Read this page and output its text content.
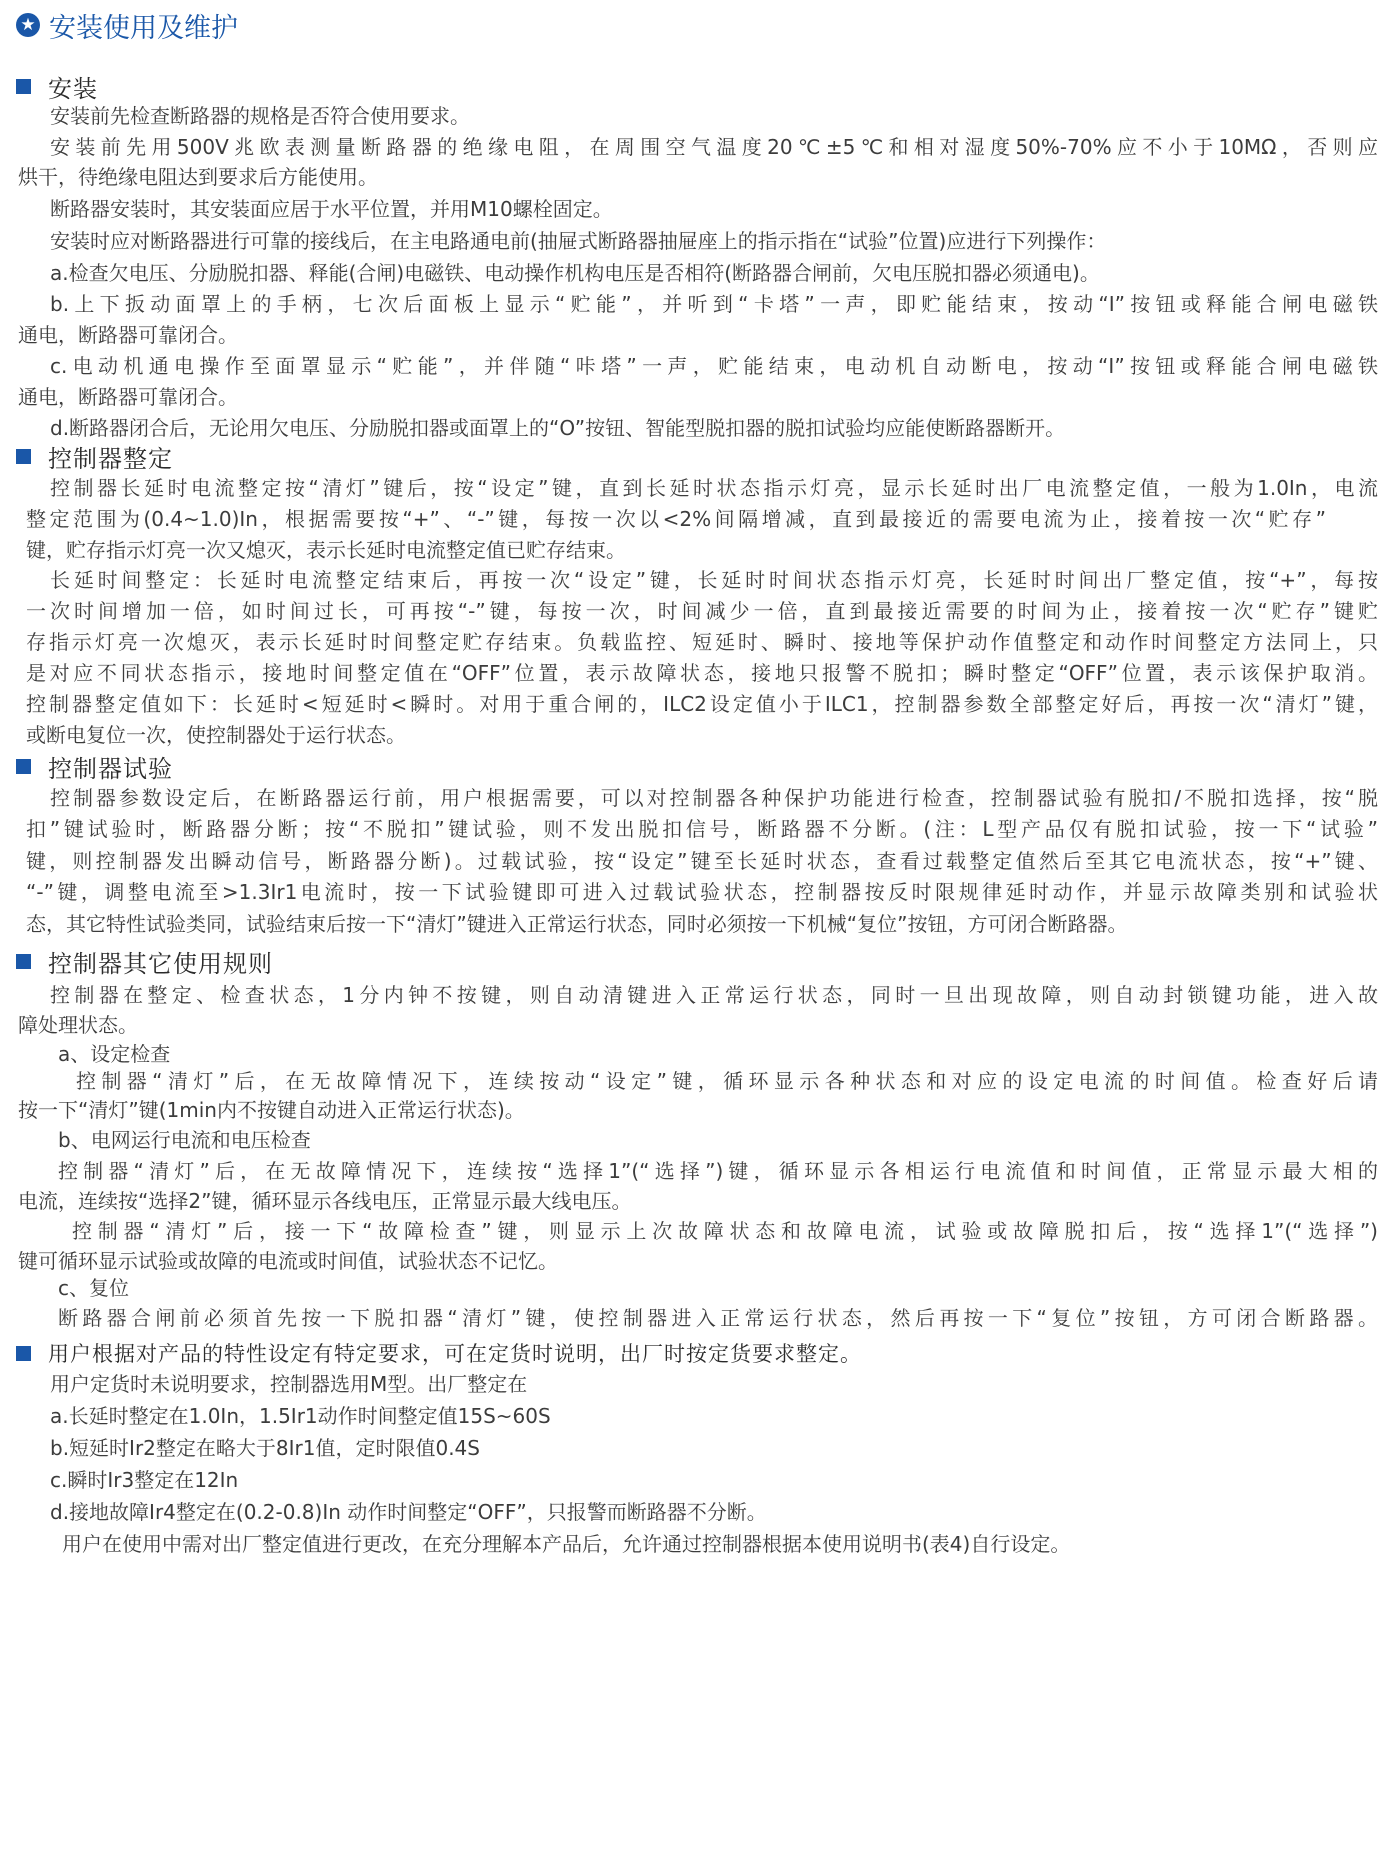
★ 安装使用及维护
安装
安装前先检查断路器的规格是否符合使用要求。
安装前先用500V兆欧表测量断路器的绝缘电阻，在周围空气温度20℃±5℃和相对湿度50%-70%应不小于10MΩ，否则应
烘干，待绝缘电阻达到要求后方能使用。
断路器安装时，其安装面应居于水平位置，并用M10螺栓固定。
安装时应对断路器进行可靠的接线后，在主电路通电前(抽屉式断路器抽屉座上的指示指在“试验”位置)应进行下列操作：
a.检查欠电压、分励脱扣器、释能(合闸)电磁铁、电动操作机构电压是否相符(断路器合闸前，欠电压脱扣器必须通电)。
b.上下扳动面罩上的手柄，七次后面板上显示“贮能”，并听到“卡塔”一声，即贮能结束，按动“I”按钮或释能合闸电磁铁
通电，断路器可靠闭合。
c.电动机通电操作至面罩显示“贮能”，并伴随“咔塔”一声，贮能结束，电动机自动断电，按动“I”按钮或释能合闸电磁铁
通电，断路器可靠闭合。
d.断路器闭合后，无论用欠电压、分励脱扣器或面罩上的“O”按钮、智能型脱扣器的脱扣试验均应能使断路器断开。
控制器整定
控制器长延时电流整定按“清灯”键后，按“设定”键，直到长延时状态指示灯亮，显示长延时出厂电流整定值，一般为1.0In，电流
整定范围为(0.4~1.0)In，根据需要按“+”、“-”键，每按一次以<2%间隔增减，直到最接近的需要电流为止，接着按一次“贮存”
键，贮存指示灯亮一次又熄灭，表示长延时电流整定值已贮存结束。
长延时间整定：长延时电流整定结束后，再按一次“设定”键，长延时时间状态指示灯亮，长延时时间出厂整定值，按“+”，每按
一次时间增加一倍，如时间过长，可再按“-”键，每按一次，时间减少一倍，直到最接近需要的时间为止，接着按一次“贮存”键贮
存指示灯亮一次熄灭，表示长延时时间整定贮存结束。负载监控、短延时、瞬时、接地等保护动作值整定和动作时间整定方法同上，只
是对应不同状态指示，接地时间整定值在“OFF”位置，表示故障状态，接地只报警不脱扣；瞬时整定“OFF”位置，表示该保护取消。
控制器整定值如下：长延时<短延时<瞬时。对用于重合闸的，ILC2设定值小于ILC1，控制器参数全部整定好后，再按一次“清灯”键，
或断电复位一次，使控制器处于运行状态。
控制器试验
控制器参数设定后，在断路器运行前，用户根据需要，可以对控制器各种保护功能进行检查，控制器试验有脱扣/不脱扣选择，按“脱
扣”键试验时，断路器分断；按“不脱扣”键试验，则不发出脱扣信号，断路器不分断。(注：L型产品仅有脱扣试验，按一下“试验”
键，则控制器发出瞬动信号，断路器分断)。过载试验，按“设定”键至长延时状态，查看过载整定值然后至其它电流状态，按“+”键、
“-”键，调整电流至>1.3Ir1电流时，按一下试验键即可进入过载试验状态，控制器按反时限规律延时动作，并显示故障类别和试验状
态，其它特性试验类同，试验结束后按一下“清灯”键进入正常运行状态，同时必须按一下机械“复位”按钮，方可闭合断路器。
控制器其它使用规则
控制器在整定、检查状态，1分内钟不按键，则自动清键进入正常运行状态，同时一旦出现故障，则自动封锁键功能，进入故
障处理状态。
a、设定检查
控制器“清灯”后，在无故障情况下，连续按动“设定”键，循环显示各种状态和对应的设定电流的时间值。检查好后请
按一下“清灯”键(1min内不按键自动进入正常运行状态)。
b、电网运行电流和电压检查
控制器“清灯”后，在无故障情况下，连续按“选择1”(“选择”)键，循环显示各相运行电流值和时间值，正常显示最大相的
电流，连续按“选择2”键，循环显示各线电压，正常显示最大线电压。
控制器“清灯”后，接一下“故障检查”键，则显示上次故障状态和故障电流，试验或故障脱扣后，按“选择1”(“选择”)
键可循环显示试验或故障的电流或时间值，试验状态不记忆。
c、复位
断路器合闸前必须首先按一下脱扣器“清灯”键，使控制器进入正常运行状态，然后再按一下“复位”按钮，方可闭合断路器。
用户根据对产品的特性设定有特定要求，可在定货时说明，出厂时按定货要求整定。
用户定货时未说明要求，控制器选用M型。出厂整定在
a.长延时整定在1.0In，1.5Ir1动作时间整定值15S~60S
b.短延时Ir2整定在略大于8Ir1值，定时限值0.4S
c.瞬时Ir3整定在12In
d.接地故障Ir4整定在(0.2-0.8)In 动作时间整定“OFF”，只报警而断路器不分断。
用户在使用中需对出厂整定值进行更改，在充分理解本产品后，允许通过控制器根据本使用说明书(表4)自行设定。
